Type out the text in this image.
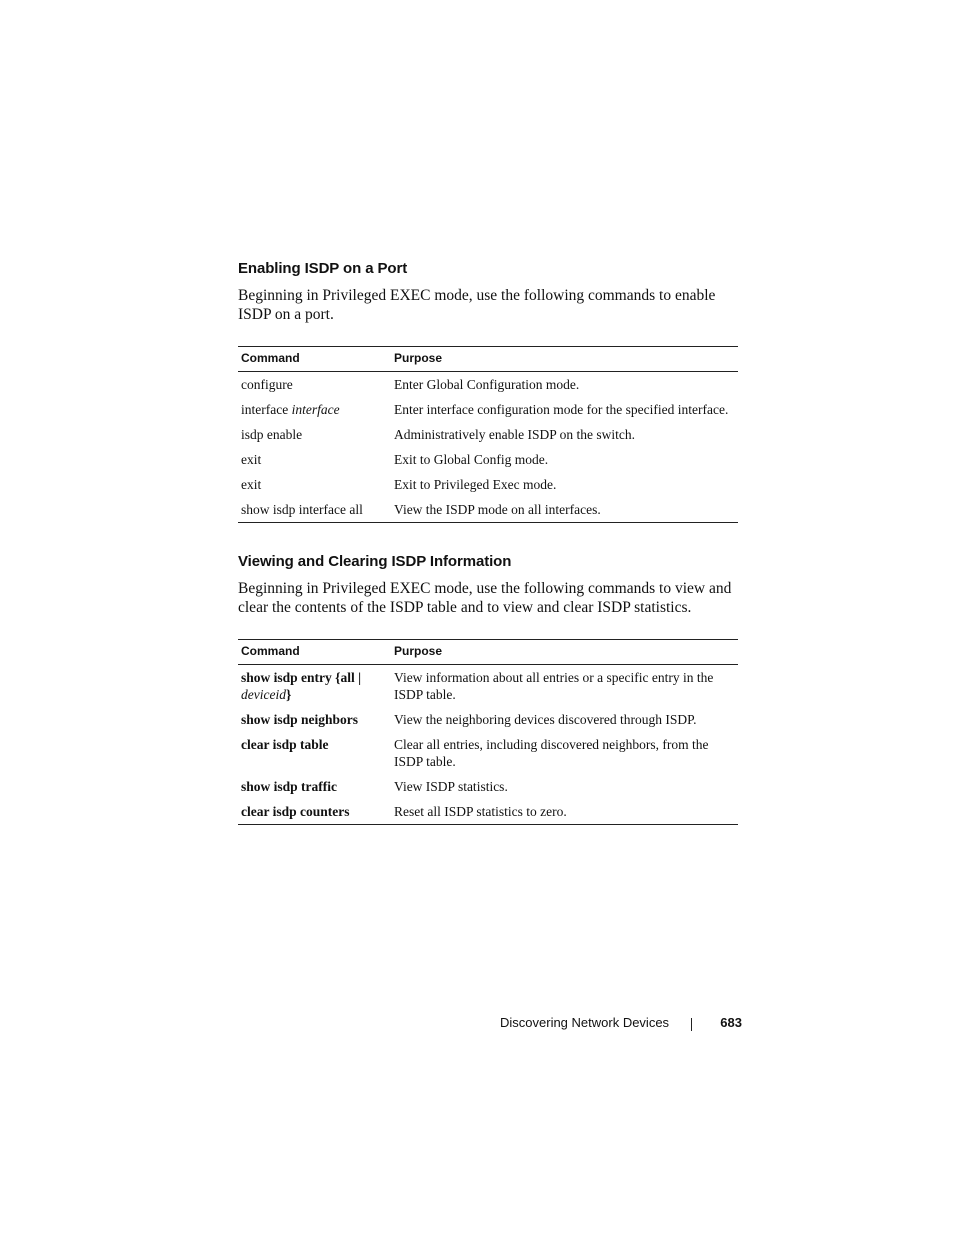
Enabling ISDP on a Port

Beginning in Privileged EXEC mode, use the following commands to enable ISDP on a port.

Command	Purpose
configure	Enter Global Configuration mode.
interface interface	Enter interface configuration mode for the specified interface.
isdp enable	Administratively enable ISDP on the switch.
exit	Exit to Global Config mode.
exit	Exit to Privileged Exec mode.
show isdp interface all	View the ISDP mode on all interfaces.
Viewing and Clearing ISDP Information

Beginning in Privileged EXEC mode, use the following commands to view and clear the contents of the ISDP table and to view and clear ISDP statistics.

Command	Purpose
show isdp entry {all | deviceid}	View information about all entries or a specific entry in the ISDP table.
show isdp neighbors	View the neighboring devices discovered through ISDP.
clear isdp table	Clear all entries, including discovered neighbors, from the ISDP table.
show isdp traffic	View ISDP statistics.
clear isdp counters	Reset all ISDP statistics to zero.
Discovering Network Devices	683
